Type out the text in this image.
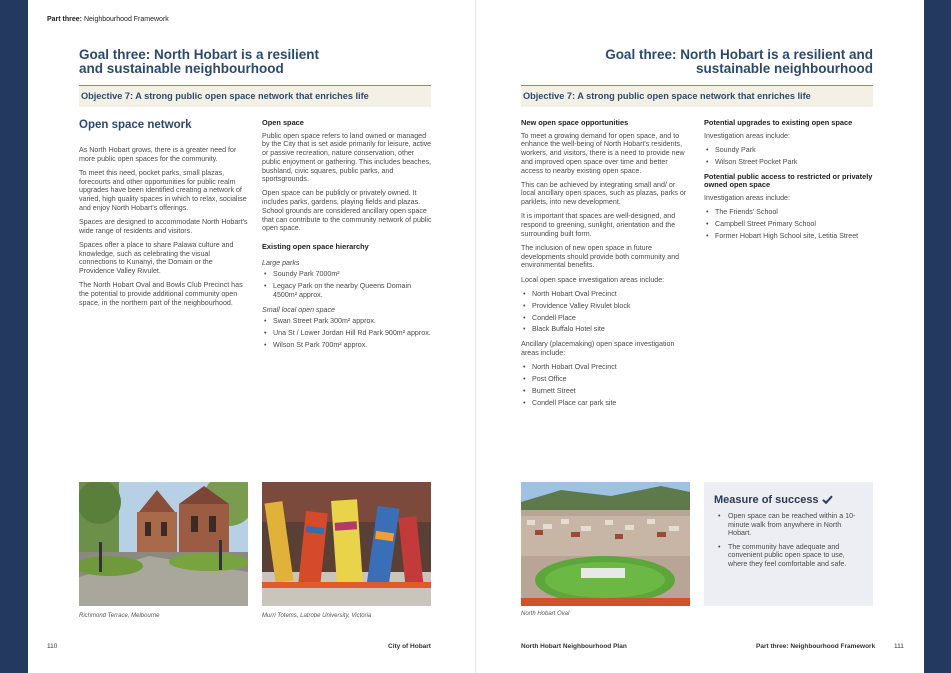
Part three: Neighbourhood Framework
Goal three: North Hobart is a resilient
and sustainable neighbourhood
Objective 7: A strong public open space network that enriches life
Open space network

As North Hobart grows, there is a greater need for more public open spaces for the community.

To meet this need, pocket parks, small plazas, forecourts and other opportunities for public realm upgrades have been identified creating a network of varied, high quality spaces in which to relax, socialise and enjoy North Hobart's offerings.

Spaces are designed to accommodate North Hobart's wide range of residents and visitors.

Spaces offer a place to share Palawa culture and knowledge, such as celebrating the visual connections to Kunanyi, the Domain or the Providence Valley Rivulet.

The North Hobart Oval and Bowls Club Precinct has the potential to provide additional community open space, in the northern part of the neighbourhood.

Open space

Public open space refers to land owned or managed by the City that is set aside primarily for leisure, active or passive recreation, nature conservation, other public enjoyment or gathering. This includes beaches, bushland, civic squares, public parks, and sportsgrounds.

Open space can be publicly or privately owned. It includes parks, gardens, playing fields and plazas. School grounds are considered ancillary open space that can contribute to the community network of public open space.

Existing open space hierarchy
Large parks
• Soundy Park 7000m²
• Legacy Park on the nearby Queens Domain 4500m² approx.
Small local open space
• Swan Street Park 300m² approx.
• Una St / Lower Jordan Hill Rd Park 900m² approx.
• Wilson St Park 700m² approx.
Richmond Terrace, Melbourne	Murri Totems, Latrobe University, Victoria
110	City of Hobart
Goal three: North Hobart is a resilient and
sustainable neighbourhood
Objective 7: A strong public open space network that enriches life
New open space opportunities

To meet a growing demand for open space, and to enhance the well-being of North Hobart's residents, workers, and visitors, there is a need to provide new and improved open space over time and better access to nearby existing open space.

This can be achieved by integrating small and/ or local ancillary open spaces, such as plazas, parks or parklets, into new development.

It is important that spaces are well-designed, and respond to greening, sunlight, orientation and the surrounding built form.

The inclusion of new open space in future developments should provide both community and environmental benefits.

Local open space investigation areas include:

• North Hobart Oval Precinct
• Providence Valley Rivulet block
• Condell Place
• Black Buffalo Hotel site

Ancillary (placemaking) open space investigation areas include:

• North Hobart Oval Precinct
• Post Office
• Burnett Street
• Condell Place car park site
Potential upgrades to existing open space

Investigation areas include:

• Soundy Park
• Wilson Street Pocket Park
Potential public access to restricted or privately owned open space

Investigation areas include:

• The Friends' School
• Campbell Street Primary School
• Former Hobart High School site, Letitia Street
North Hobart Oval
Measure of success
• Open space can be reached within a 10-minute walk from anywhere in North Hobart.
• The community have adequate and convenient public open space to use, where they feel comfortable and safe.
North Hobart Neighbourhood Plan	Part three: Neighbourhood Framework	111
